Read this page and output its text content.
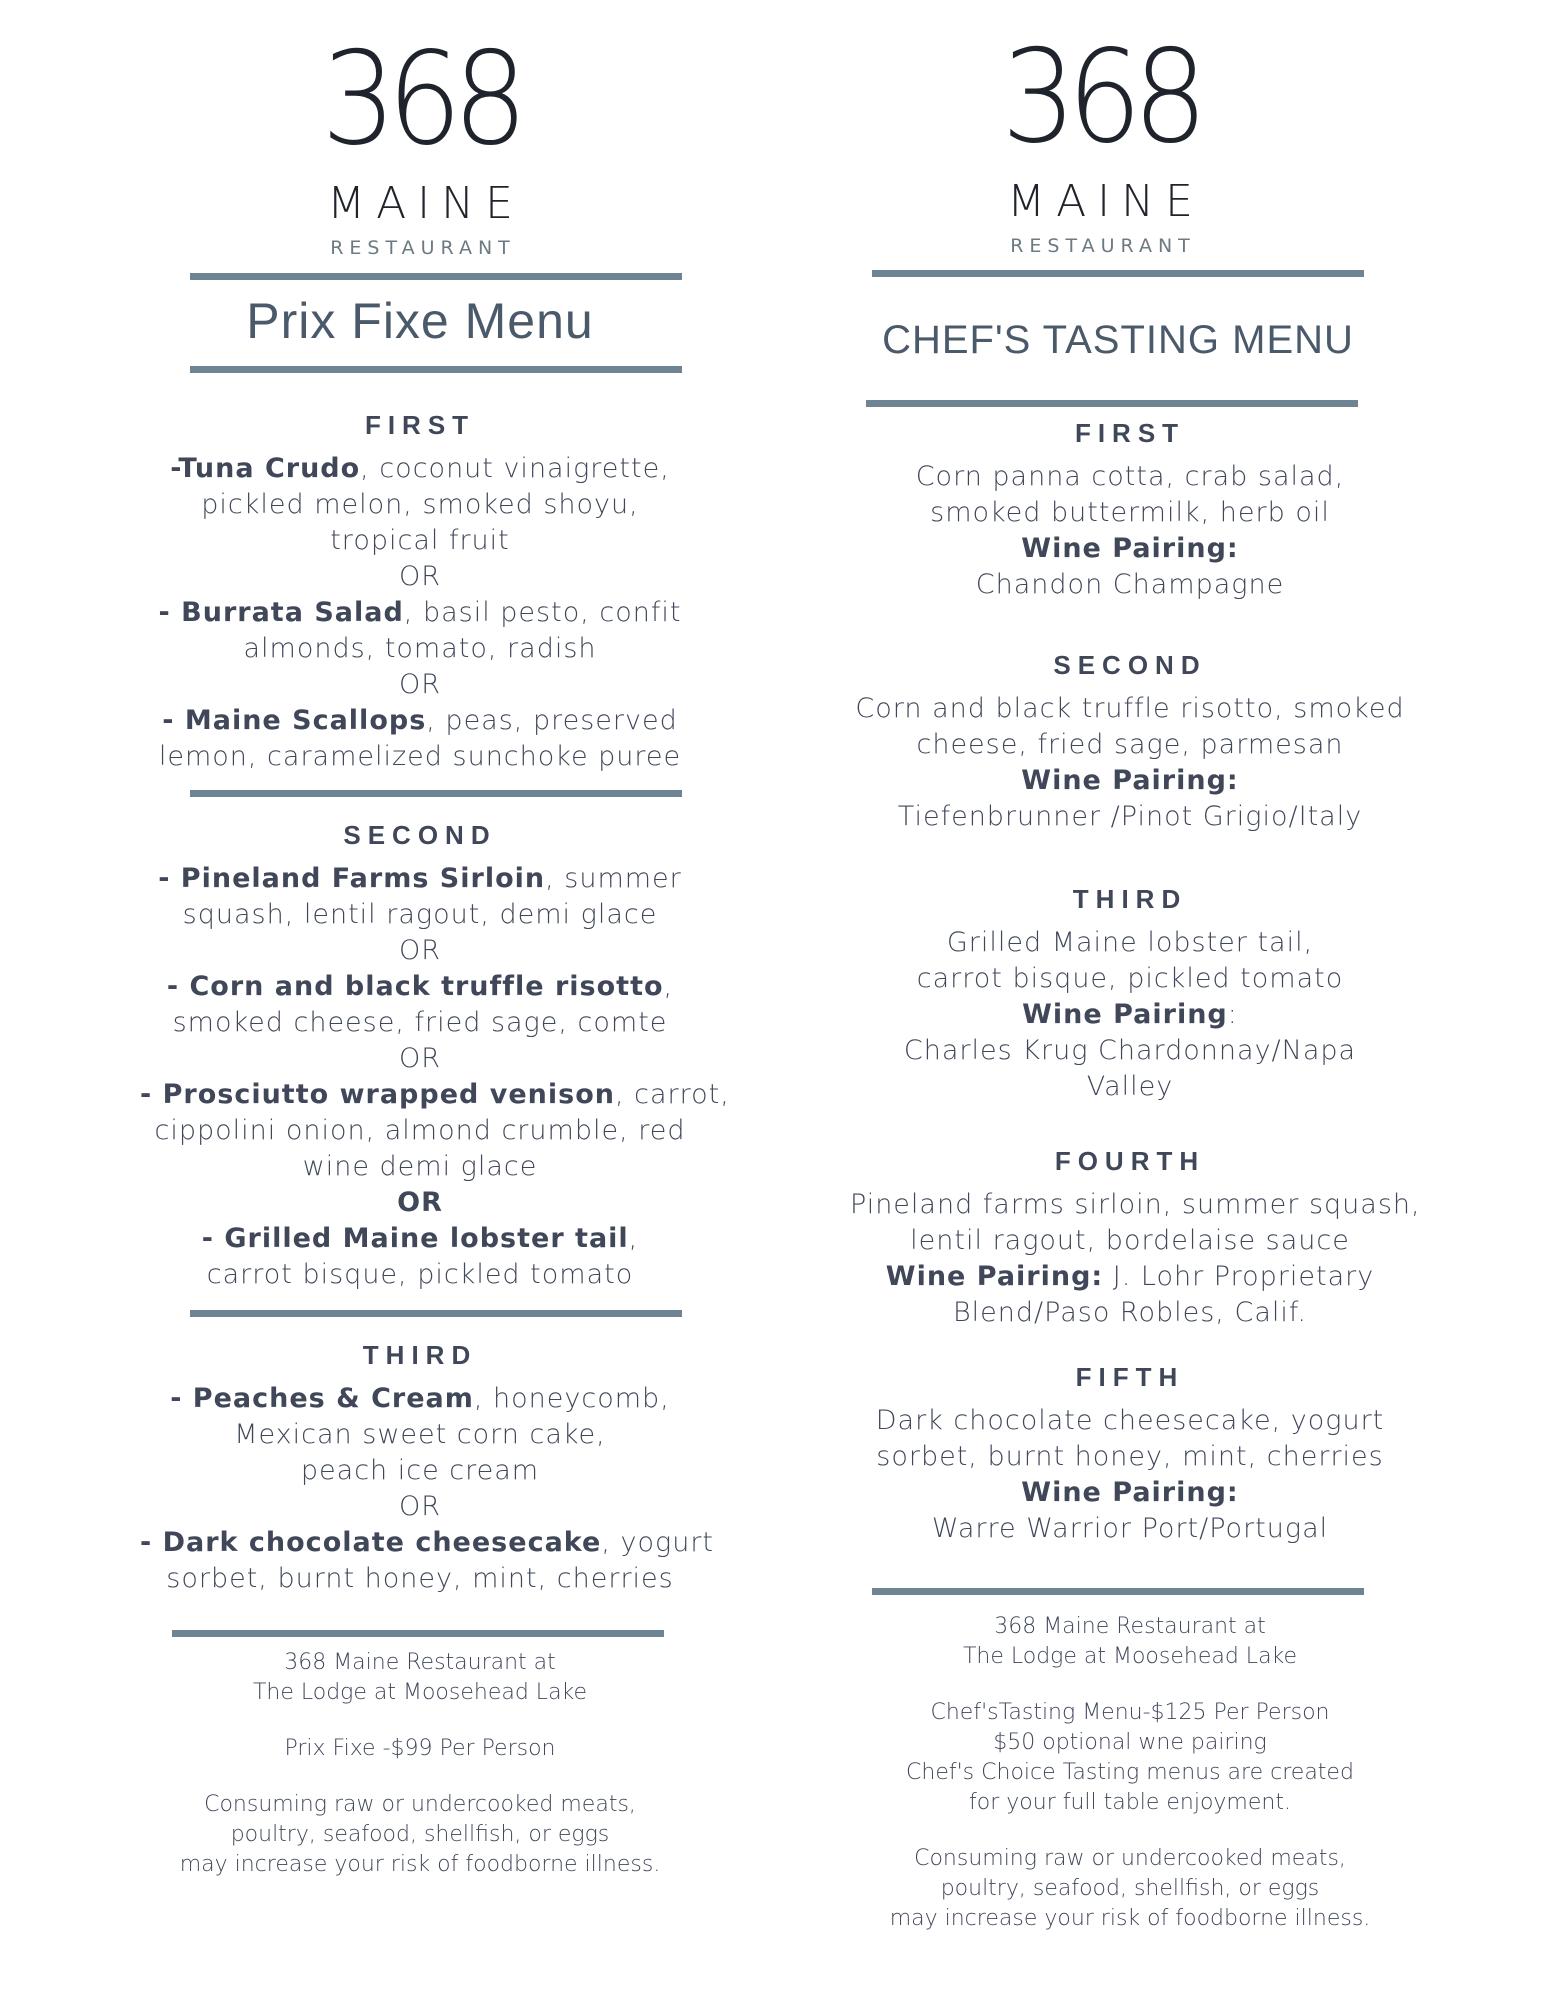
368
MAINE
RESTAURANT
Prix Fixe Menu
FIRST
-Tuna Crudo, coconut vinaigrette,
pickled melon, smoked shoyu,
tropical fruit
OR
- Burrata Salad, basil pesto, confit
almonds, tomato, radish
OR
- Maine Scallops, peas, preserved
lemon, caramelized sunchoke puree
SECOND
- Pineland Farms Sirloin, summer
squash, lentil ragout, demi glace
OR
- Corn and black truffle risotto,
smoked cheese, fried sage, comte
OR
- Prosciutto wrapped venison, carrot,
cippolini onion, almond crumble, red
wine demi glace
OR
- Grilled Maine lobster tail,
carrot bisque, pickled tomato
THIRD
- Peaches & Cream, honeycomb,
Mexican sweet corn cake,
peach ice cream
OR
- Dark chocolate cheesecake, yogurt
sorbet, burnt honey, mint, cherries
368 Maine Restaurant at
The Lodge at Moosehead Lake
Prix Fixe -$99 Per Person
Consuming raw or undercooked meats,
poultry, seafood, shellfish, or eggs
may increase your risk of foodborne illness.
368
MAINE
RESTAURANT
CHEF'S TASTING MENU
FIRST
Corn panna cotta, crab salad,
smoked buttermilk, herb oil
Wine Pairing:
Chandon Champagne
SECOND
Corn and black truffle risotto, smoked
cheese, fried sage, parmesan
Wine Pairing:
Tiefenbrunner /Pinot Grigio/Italy
THIRD
Grilled Maine lobster tail,
carrot bisque, pickled tomato
Wine Pairing:
Charles Krug Chardonnay/Napa
Valley
FOURTH
Pineland farms sirloin, summer squash,
lentil ragout, bordelaise sauce
Wine Pairing: J. Lohr Proprietary
Blend/Paso Robles, Calif.
FIFTH
Dark chocolate cheesecake, yogurt
sorbet, burnt honey, mint, cherries
Wine Pairing:
Warre Warrior Port/Portugal
368 Maine Restaurant at
The Lodge at Moosehead Lake
Chef'sTasting Menu-$125 Per Person
$50 optional wne pairing
Chef's Choice Tasting menus are created
for your full table enjoyment.
Consuming raw or undercooked meats,
poultry, seafood, shellfish, or eggs
may increase your risk of foodborne illness.
